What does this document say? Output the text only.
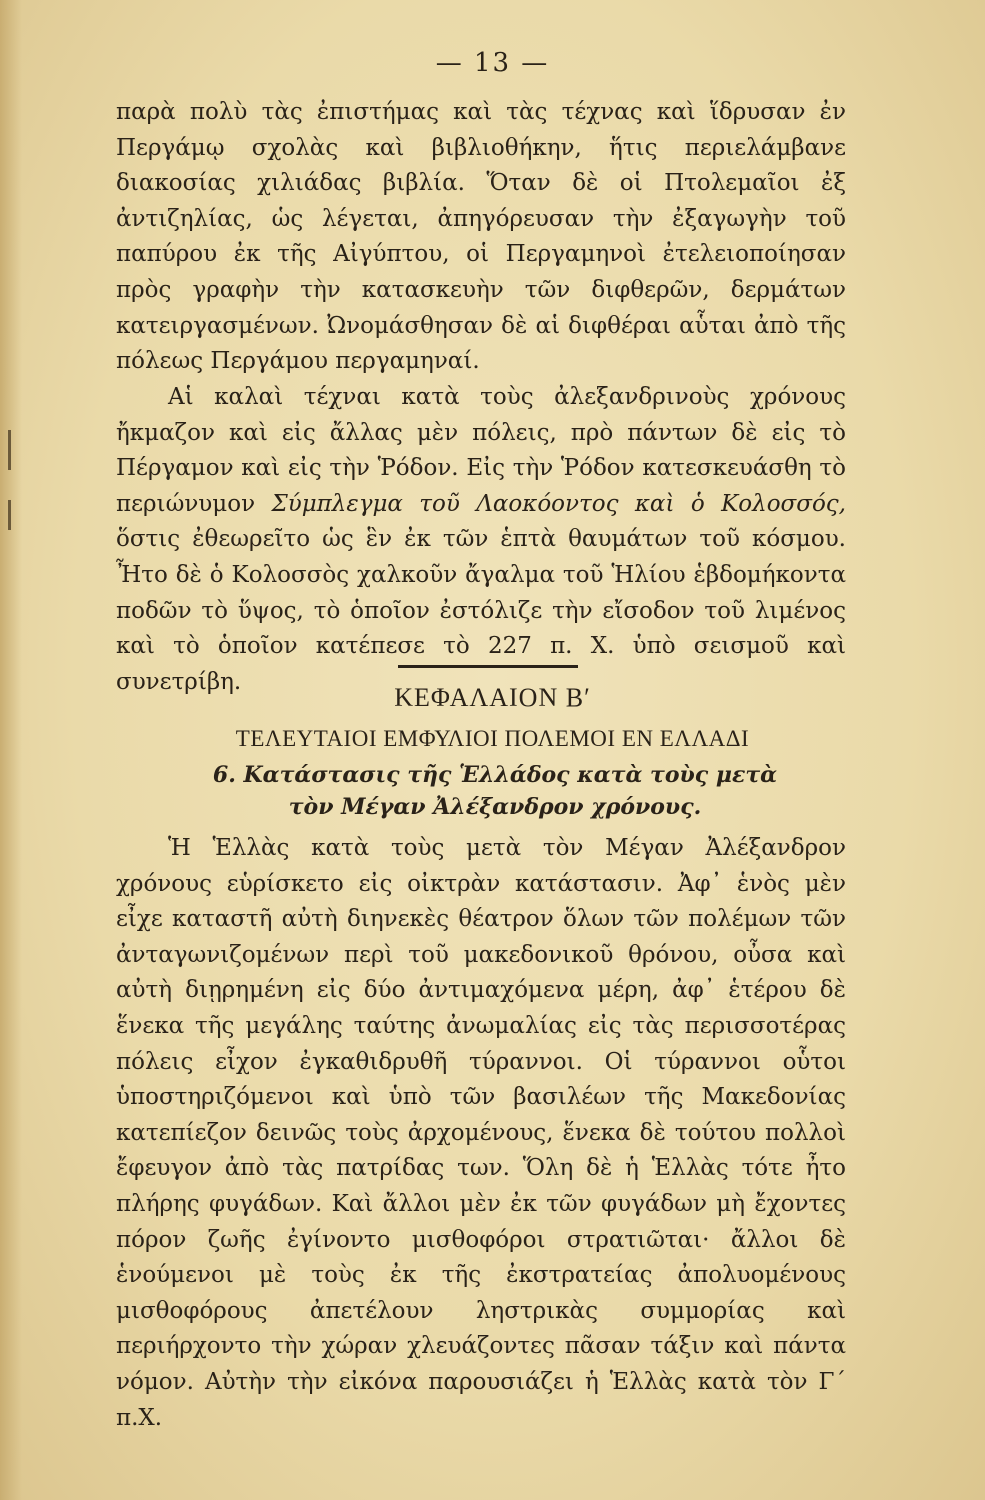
— 13 —

παρὰ πολὺ τὰς ἐπιστήμας καὶ τὰς τέχνας καὶ ἵδρυσαν ἐν Περγάμῳ σχολὰς καὶ βιβλιοθήκην, ἥτις περιελάμβανε διακοσίας χιλιάδας βιβλία. Ὅταν δὲ οἱ Πτολεμαῖοι ἐξ ἀντιζηλίας, ὡς λέγεται, ἀπηγόρευσαν τὴν ἐξαγωγὴν τοῦ παπύρου ἐκ τῆς Αἰγύπτου, οἱ Περγαμηνοὶ ἐτελειοποίησαν πρὸς γραφὴν τὴν κατασκευὴν τῶν διφθερῶν, δερμάτων κατειργασμένων. Ὠνομάσθησαν δὲ αἱ διφθέραι αὗται ἀπὸ τῆς πόλεως Περγάμου περγαμηναί.

Αἱ καλαὶ τέχναι κατὰ τοὺς ἀλεξανδρινοὺς χρόνους ἤκμαζον καὶ εἰς ἄλλας μὲν πόλεις, πρὸ πάντων δὲ εἰς τὸ Πέργαμον καὶ εἰς τὴν Ῥόδον. Εἰς τὴν Ῥόδον κατεσκευάσθη τὸ περιώνυμον Σύμπλεγμα τοῦ Λαοκόοντος καὶ ὁ Κολοσσός, ὅστις ἐθεωρεῖτο ὡς ἓν ἐκ τῶν ἑπτὰ θαυμάτων τοῦ κόσμου. Ἦτο δὲ ὁ Κολοσσὸς χαλκοῦν ἄγαλμα τοῦ Ἡλίου ἑβδομήκοντα ποδῶν τὸ ὕψος, τὸ ὁποῖον ἐστόλιζε τὴν εἴσοδον τοῦ λιμένος καὶ τὸ ὁποῖον κατέπεσε τὸ 227 π. Χ. ὑπὸ σεισμοῦ καὶ συνετρίβη.

ΚΕΦΑΛΑΙΟΝ Β′
ΤΕΛΕΥΤΑΙΟΙ ΕΜΦΥΛΙΟΙ ΠΟΛΕΜΟΙ ΕΝ ΕΛΛΑΔΙ
6. Κατάστασις τῆς Ἑλλάδος κατὰ τοὺς μετὰ
τὸν Μέγαν Ἀλέξανδρον χρόνους.

Ἡ Ἑλλὰς κατὰ τοὺς μετὰ τὸν Μέγαν Ἀλέξανδρον χρόνους εὑρίσκετο εἰς οἰκτρὰν κατάστασιν. Ἀφ᾽ ἑνὸς μὲν εἶχε καταστῆ αὐτὴ διηνεκὲς θέατρον ὅλων τῶν πολέμων τῶν ἀνταγωνιζομένων περὶ τοῦ μακεδονικοῦ θρόνου, οὖσα καὶ αὐτὴ διῃρημένη εἰς δύο ἀντιμαχόμενα μέρη, ἀφ᾽ ἑτέρου δὲ ἕνεκα τῆς μεγάλης ταύτης ἀνωμαλίας εἰς τὰς περισσοτέρας πόλεις εἶχον ἐγκαθιδρυθῆ τύραννοι. Οἱ τύραννοι οὗτοι ὑποστηριζόμενοι καὶ ὑπὸ τῶν βασιλέων τῆς Μακεδονίας κατεπίεζον δεινῶς τοὺς ἀρχομένους, ἕνεκα δὲ τούτου πολλοὶ ἔφευγον ἀπὸ τὰς πατρίδας των. Ὅλη δὲ ἡ Ἑλλὰς τότε ἦτο πλήρης φυγάδων. Καὶ ἄλλοι μὲν ἐκ τῶν φυγάδων μὴ ἔχοντες πόρον ζωῆς ἐγίνοντο μισθοφόροι στρατιῶται· ἄλλοι δὲ ἑνούμενοι μὲ τοὺς ἐκ τῆς ἐκστρατείας ἀπολυομένους μισθοφόρους ἀπετέλουν ληστρικὰς συμμορίας καὶ περιήρχοντο τὴν χώραν χλευάζοντες πᾶσαν τάξιν καὶ πάντα νόμον. Αὐτὴν τὴν εἰκόνα παρουσιάζει ἡ Ἑλλὰς κατὰ τὸν Γ´ π.Χ.
